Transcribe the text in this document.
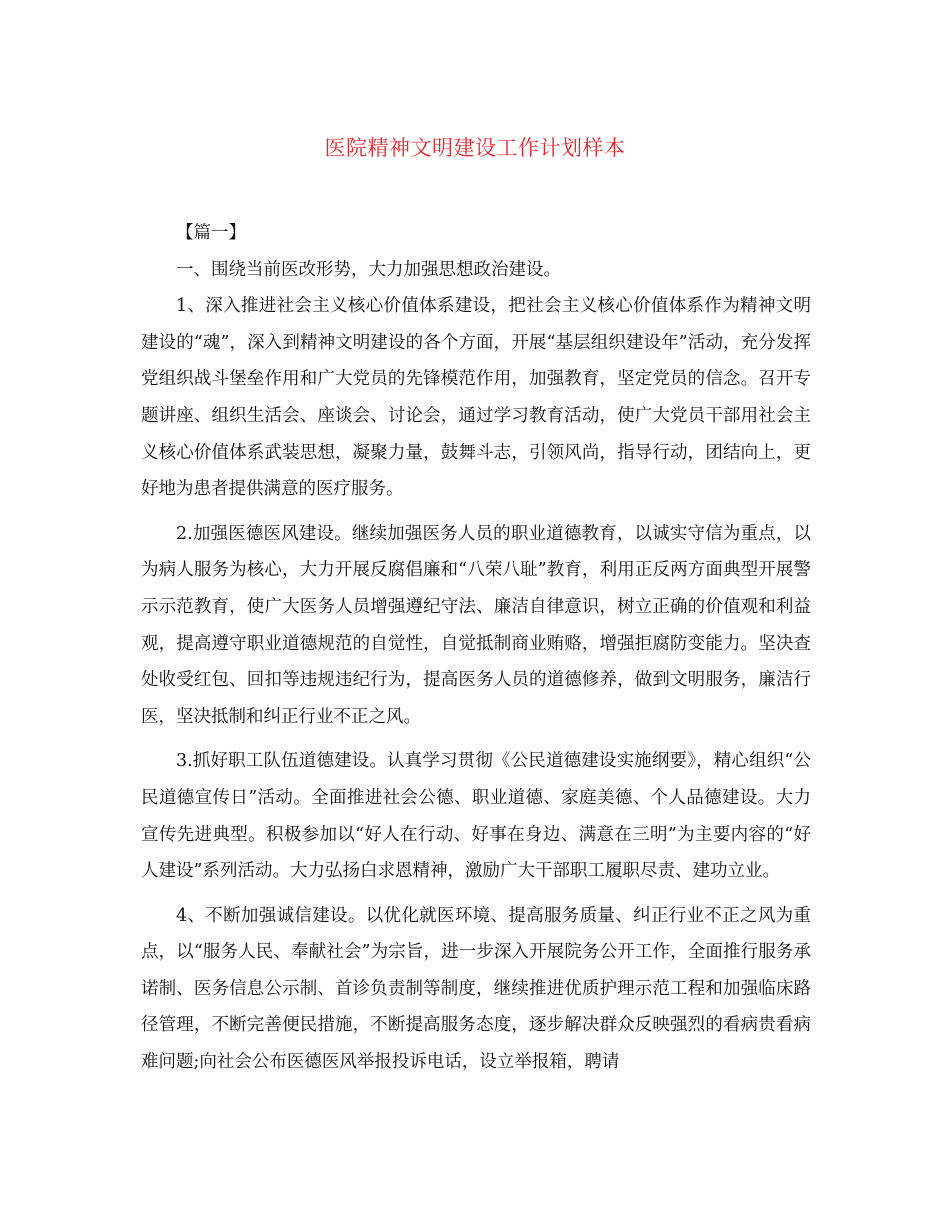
医院精神文明建设工作计划样本

【篇一】

一、围绕当前医改形势，大力加强思想政治建设。

1、深入推进社会主义核心价值体系建设，把社会主义核心价值体系作为精神文明建设的“魂”，深入到精神文明建设的各个方面，开展“基层组织建设年”活动，充分发挥党组织战斗堡垒作用和广大党员的先锋模范作用，加强教育，坚定党员的信念。召开专题讲座、组织生活会、座谈会、讨论会，通过学习教育活动，使广大党员干部用社会主义核心价值体系武装思想，凝聚力量，鼓舞斗志，引领风尚，指导行动，团结向上，更好地为患者提供满意的医疗服务。

2.加强医德医风建设。继续加强医务人员的职业道德教育，以诚实守信为重点，以为病人服务为核心，大力开展反腐倡廉和“八荣八耻”教育，利用正反两方面典型开展警示示范教育，使广大医务人员增强遵纪守法、廉洁自律意识，树立正确的价值观和利益观，提高遵守职业道德规范的自觉性，自觉抵制商业贿赂，增强拒腐防变能力。坚决查处收受红包、回扣等违规违纪行为，提高医务人员的道德修养，做到文明服务，廉洁行医，坚决抵制和纠正行业不正之风。

3.抓好职工队伍道德建设。认真学习贯彻《公民道德建设实施纲要》，精心组织“公民道德宣传日”活动。全面推进社会公德、职业道德、家庭美德、个人品德建设。大力宣传先进典型。积极参加以“好人在行动、好事在身边、满意在三明”为主要内容的“好人建设”系列活动。大力弘扬白求恩精神，激励广大干部职工履职尽责、建功立业。

4、不断加强诚信建设。以优化就医环境、提高服务质量、纠正行业不正之风为重点，以“服务人民、奉献社会”为宗旨，进一步深入开展院务公开工作，全面推行服务承诺制、医务信息公示制、首诊负责制等制度，继续推进优质护理示范工程和加强临床路径管理，不断完善便民措施，不断提高服务态度，逐步解决群众反映强烈的看病贵看病难问题;向社会公布医德医风举报投诉电话，设立举报箱，聘请
